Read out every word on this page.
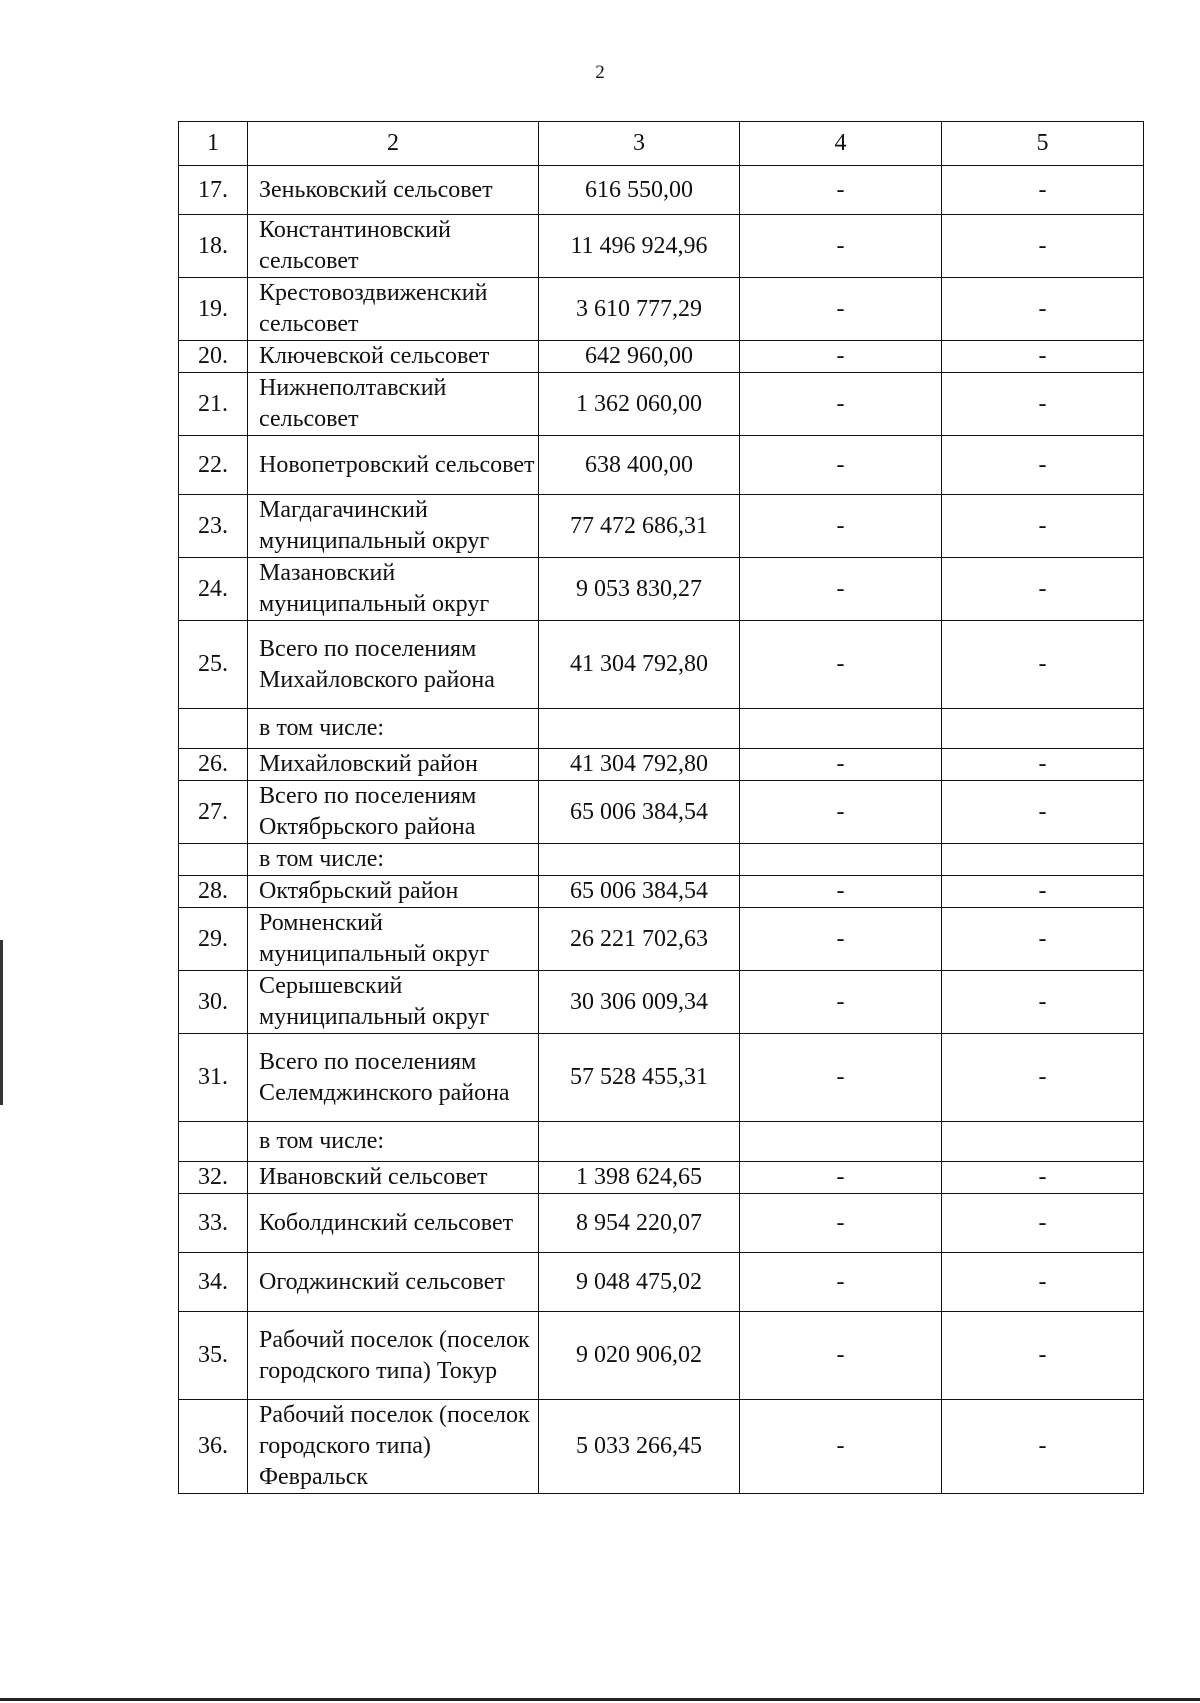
2
1	2	3	4	5
17.	Зеньковский сельсовет	616 550,00	-	-
18.	Константиновский сельсовет	11 496 924,96	-	-
19.	Крестовоздвиженский сельсовет	3 610 777,29	-	-
20.	Ключевской сельсовет	642 960,00	-	-
21.	Нижнеполтавский сельсовет	1 362 060,00	-	-
22.	Новопетровский сельсовет	638 400,00	-	-
23.	Магдагачинский муниципальный округ	77 472 686,31	-	-
24.	Мазановский муниципальный округ	9 053 830,27	-	-
25.	Всего по поселениям Михайловского района	41 304 792,80	-	-
	в том числе:			
26.	Михайловский район	41 304 792,80	-	-
27.	Всего по поселениям Октябрьского района	65 006 384,54	-	-
	в том числе:			
28.	Октябрьский район	65 006 384,54	-	-
29.	Ромненский муниципальный округ	26 221 702,63	-	-
30.	Серышевский муниципальный округ	30 306 009,34	-	-
31.	Всего по поселениям Селемджинского района	57 528 455,31	-	-
	в том числе:			
32.	Ивановский сельсовет	1 398 624,65	-	-
33.	Коболдинский сельсовет	8 954 220,07	-	-
34.	Огоджинский сельсовет	9 048 475,02	-	-
35.	Рабочий поселок (поселок городского типа) Токур	9 020 906,02	-	-
36.	Рабочий поселок (поселок городского типа) Февральск	5 033 266,45	-	-
